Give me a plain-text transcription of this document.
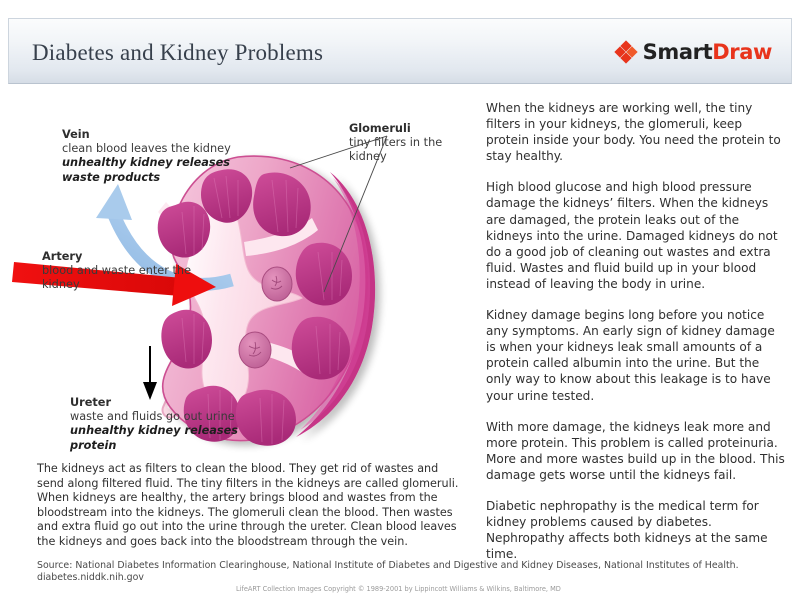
Diabetes and Kidney Problems	SmartDraw
Vein
clean blood leaves the kidney
unhealthy kidney releases waste products
Artery
blood and waste enter the kidney
Ureter
waste and fluids go out urine
unhealthy kidney releases protein
Glomeruli
tiny filters in the kidney
The kidneys act as filters to clean the blood. They get rid of wastes and send along filtered fluid. The tiny filters in the kidneys are called glomeruli. When kidneys are healthy, the artery brings blood and wastes from the bloodstream into the kidneys. The glomeruli clean the blood. Then wastes and extra fluid go out into the urine through the ureter. Clean blood leaves the kidneys and goes back into the bloodstream through the vein.

When the kidneys are working well, the tiny filters in your kidneys, the glomeruli, keep protein inside your body. You need the protein to stay healthy.

High blood glucose and high blood pressure damage the kidneys’ filters. When the kidneys are damaged, the protein leaks out of the kidneys into the urine. Damaged kidneys do not do a good job of cleaning out wastes and extra fluid. Wastes and fluid build up in your blood instead of leaving the body in urine.

Kidney damage begins long before you notice any symptoms. An early sign of kidney damage is when your kidneys leak small amounts of a protein called albumin into the urine. But the only way to know about this leakage is to have your urine tested.

With more damage, the kidneys leak more and more protein. This problem is called proteinuria. More and more wastes build up in the blood. This damage gets worse until the kidneys fail.

Diabetic nephropathy is the medical term for kidney problems caused by diabetes. Nephropathy affects both kidneys at the same time.

Source: National Diabetes Information Clearinghouse, National Institute of Diabetes and Digestive and Kidney Diseases, National Institutes of Health. diabetes.niddk.nih.gov
LifeART Collection Images Copyright © 1989-2001 by Lippincott Williams & Wilkins, Baltimore, MD
